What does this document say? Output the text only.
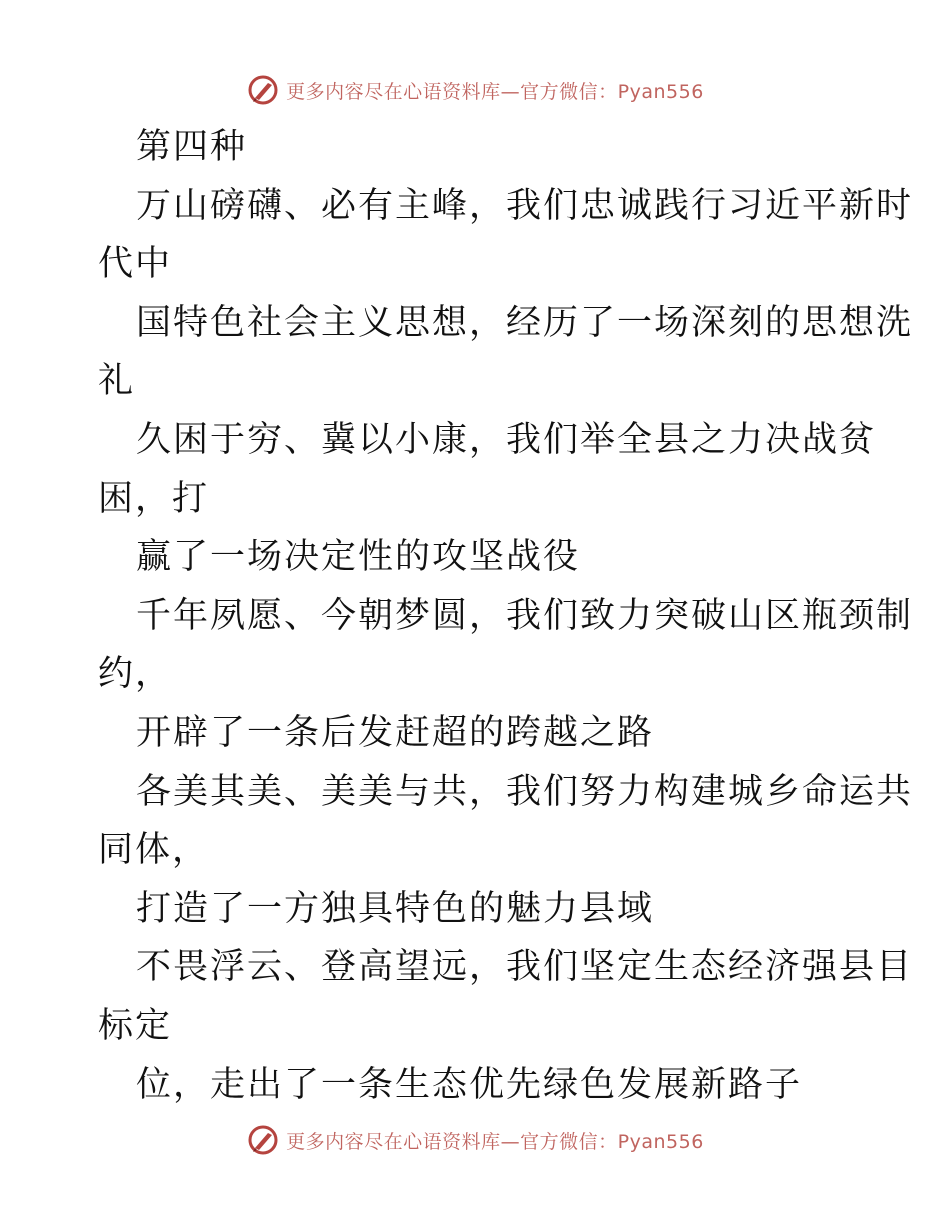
更多内容尽在心语资料库—官方微信：Pyan556
第四种
万山磅礴、必有主峰，我们忠诚践行习近平新时
代中
国特色社会主义思想，经历了一场深刻的思想洗
礼
久困于穷、冀以小康，我们举全县之力决战贫
困，打
赢了一场决定性的攻坚战役
千年夙愿、今朝梦圆，我们致力突破山区瓶颈制
约，
开辟了一条后发赶超的跨越之路
各美其美、美美与共，我们努力构建城乡命运共
同体，
打造了一方独具特色的魅力县域
不畏浮云、登高望远，我们坚定生态经济强县目
标定
位，走出了一条生态优先绿色发展新路子
更多内容尽在心语资料库—官方微信：Pyan556
